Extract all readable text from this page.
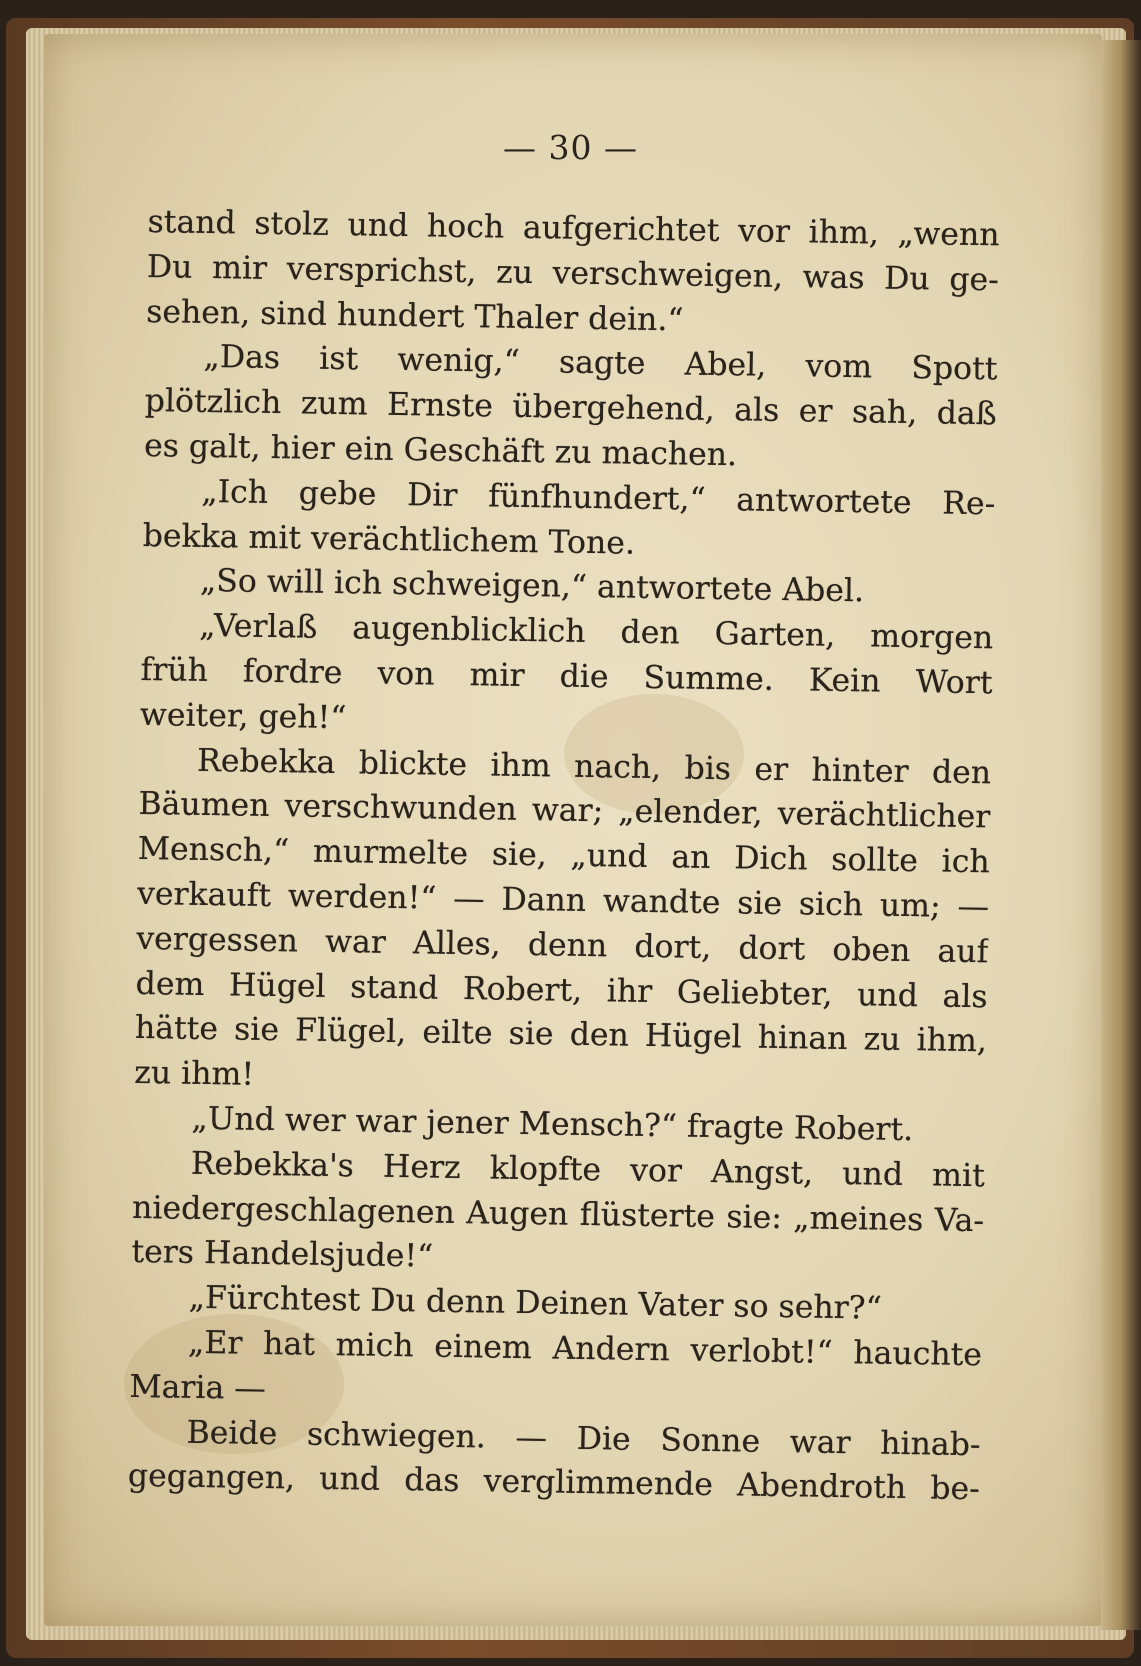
— 30 —
stand stolz und hoch aufgerichtet vor ihm, „wenn
Du mir versprichst, zu verschweigen, was Du ge-
sehen, sind hundert Thaler dein.“
„Das ist wenig,“ sagte Abel, vom Spott
plötzlich zum Ernste übergehend, als er sah, daß
es galt, hier ein Geschäft zu machen.
„Ich gebe Dir fünfhundert,“ antwortete Re-
bekka mit verächtlichem Tone.
„So will ich schweigen,“ antwortete Abel.
„Verlaß augenblicklich den Garten, morgen
früh fordre von mir die Summe. Kein Wort
weiter, geh!“
Rebekka blickte ihm nach, bis er hinter den
Bäumen verschwunden war; „elender, verächtlicher
Mensch,“ murmelte sie, „und an Dich sollte ich
verkauft werden!“ — Dann wandte sie sich um; —
vergessen war Alles, denn dort, dort oben auf
dem Hügel stand Robert, ihr Geliebter, und als
hätte sie Flügel, eilte sie den Hügel hinan zu ihm,
zu ihm!
„Und wer war jener Mensch?“ fragte Robert.
Rebekka's Herz klopfte vor Angst, und mit
niedergeschlagenen Augen flüsterte sie: „meines Va-
ters Handelsjude!“
„Fürchtest Du denn Deinen Vater so sehr?“
„Er hat mich einem Andern verlobt!“ hauchte
Maria —
Beide schwiegen. — Die Sonne war hinab-
gegangen, und das verglimmende Abendroth be-
